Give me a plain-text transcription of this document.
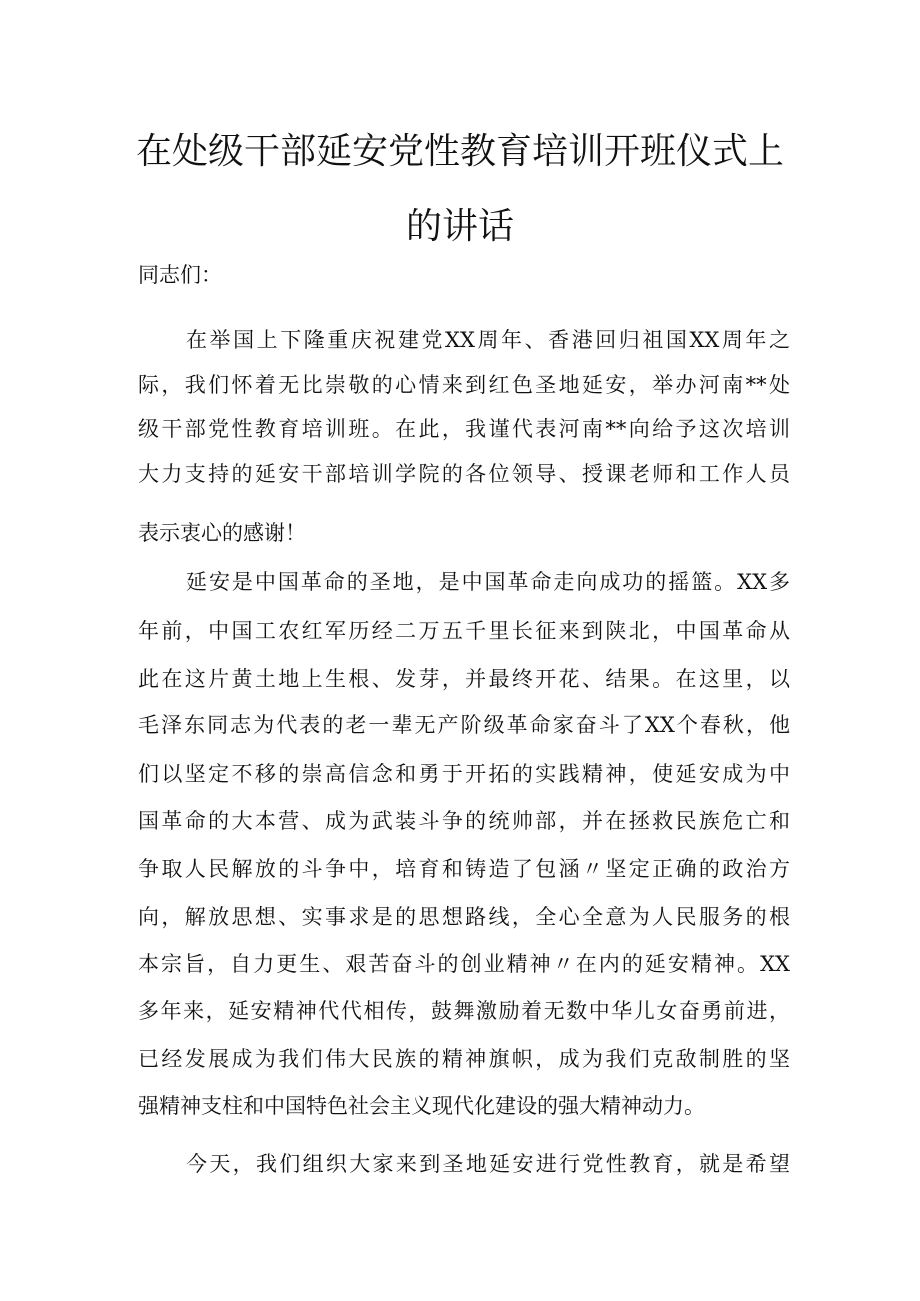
在处级干部延安党性教育培训开班仪式上
的讲话
同志们：
在举国上下隆重庆祝建党XX周年、香港回归祖国XX周年之
际，我们怀着无比崇敬的心情来到红色圣地延安，举办河南**处
级干部党性教育培训班。在此，我谨代表河南**向给予这次培训
大力支持的延安干部培训学院的各位领导、授课老师和工作人员
表示衷心的感谢！
延安是中国革命的圣地，是中国革命走向成功的摇篮。XX多
年前，中国工农红军历经二万五千里长征来到陕北，中国革命从
此在这片黄土地上生根、发芽，并最终开花、结果。在这里，以
毛泽东同志为代表的老一辈无产阶级革命家奋斗了XX个春秋，他
们以坚定不移的崇高信念和勇于开拓的实践精神，使延安成为中
国革命的大本营、成为武装斗争的统帅部，并在拯救民族危亡和
争取人民解放的斗争中，培育和铸造了包涵〃坚定正确的政治方
向，解放思想、实事求是的思想路线，全心全意为人民服务的根
本宗旨，自力更生、艰苦奋斗的创业精神〃在内的延安精神。XX
多年来，延安精神代代相传，鼓舞激励着无数中华儿女奋勇前进，
已经发展成为我们伟大民族的精神旗帜，成为我们克敌制胜的坚
强精神支柱和中国特色社会主义现代化建设的强大精神动力。
今天，我们组织大家来到圣地延安进行党性教育，就是希望
